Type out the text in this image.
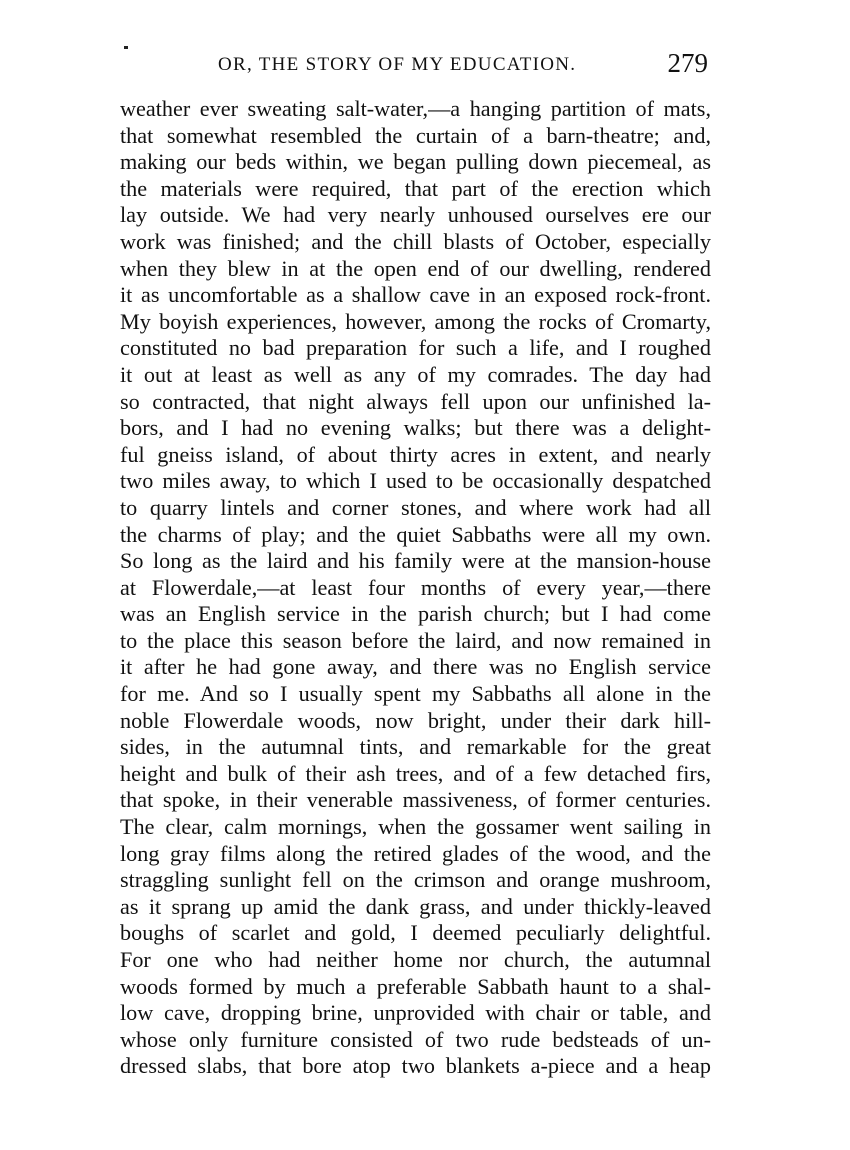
OR, THE STORY OF MY EDUCATION.	279
weather ever sweating salt-water,—a hanging partition of mats,
that somewhat resembled the curtain of a barn-theatre; and,
making our beds within, we began pulling down piecemeal, as
the materials were required, that part of the erection which
lay outside. We had very nearly unhoused ourselves ere our
work was finished; and the chill blasts of October, especially
when they blew in at the open end of our dwelling, rendered
it as uncomfortable as a shallow cave in an exposed rock-front.
My boyish experiences, however, among the rocks of Cromarty,
constituted no bad preparation for such a life, and I roughed
it out at least as well as any of my comrades. The day had
so contracted, that night always fell upon our unfinished la-
bors, and I had no evening walks; but there was a delight-
ful gneiss island, of about thirty acres in extent, and nearly
two miles away, to which I used to be occasionally despatched
to quarry lintels and corner stones, and where work had all
the charms of play; and the quiet Sabbaths were all my own.
So long as the laird and his family were at the mansion-house
at Flowerdale,—at least four months of every year,—there
was an English service in the parish church; but I had come
to the place this season before the laird, and now remained in
it after he had gone away, and there was no English service
for me. And so I usually spent my Sabbaths all alone in the
noble Flowerdale woods, now bright, under their dark hill-
sides, in the autumnal tints, and remarkable for the great
height and bulk of their ash trees, and of a few detached firs,
that spoke, in their venerable massiveness, of former centuries.
The clear, calm mornings, when the gossamer went sailing in
long gray films along the retired glades of the wood, and the
straggling sunlight fell on the crimson and orange mushroom,
as it sprang up amid the dank grass, and under thickly-leaved
boughs of scarlet and gold, I deemed peculiarly delightful.
For one who had neither home nor church, the autumnal
woods formed by much a preferable Sabbath haunt to a shal-
low cave, dropping brine, unprovided with chair or table, and
whose only furniture consisted of two rude bedsteads of un-
dressed slabs, that bore atop two blankets a-piece and a heap
